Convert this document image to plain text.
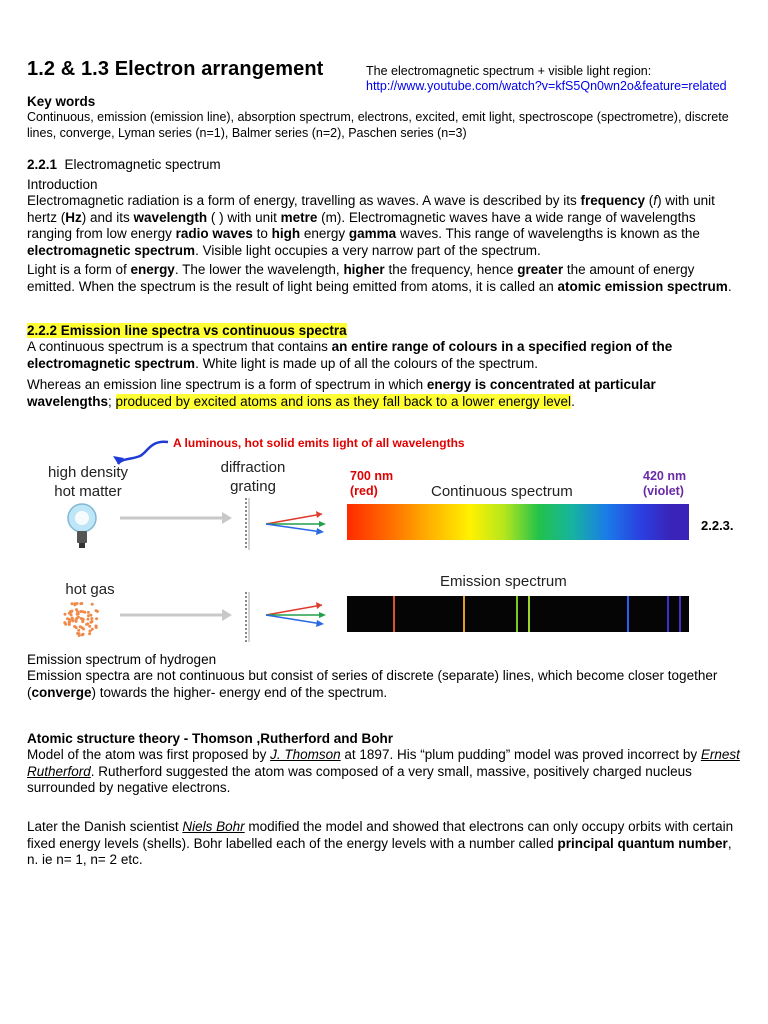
1.2 & 1.3 Electron arrangement	The electromagnetic spectrum + visible light region:
http://www.youtube.com/watch?v=kfS5Qn0wn2o&feature=related
Key words
Continuous, emission (emission line), absorption spectrum, electrons, excited, emit light, spectroscope (spectrometre), discrete lines, converge, Lyman series (n=1), Balmer series (n=2), Paschen series (n=3)
2.2.1 Electromagnetic spectrum
Introduction
Electromagnetic radiation is a form of energy, travelling as waves. A wave is described by its frequency (f) with unit hertz (Hz) and its wavelength ( ) with unit metre (m). Electromagnetic waves have a wide range of wavelengths ranging from low energy radio waves to high energy gamma waves. This range of wavelengths is known as the electromagnetic spectrum. Visible light occupies a very narrow part of the spectrum.
Light is a form of energy. The lower the wavelength, higher the frequency, hence greater the amount of energy emitted. When the spectrum is the result of light being emitted from atoms, it is called an atomic emission spectrum.
2.2.2 Emission line spectra vs continuous spectra
A continuous spectrum is a spectrum that contains an entire range of colours in a specified region of the electromagnetic spectrum. White light is made up of all the colours of the spectrum.
Whereas an emission line spectrum is a form of spectrum in which energy is concentrated at particular wavelengths; produced by excited atoms and ions as they fall back to a lower energy level.
A luminous, hot solid emits light of all wavelengths
high density
hot matter
diffraction
grating
hot gas
700 nm
(red)
420 nm
(violet)
Continuous spectrum
2.2.3.
Emission spectrum
Emission spectrum of hydrogen
Emission spectra are not continuous but consist of series of discrete (separate) lines, which become closer together (converge) towards the higher- energy end of the spectrum.
Atomic structure theory - Thomson ,Rutherford and Bohr
Model of the atom was first proposed by J. Thomson at 1897. His “plum pudding” model was proved incorrect by Ernest Rutherford. Rutherford suggested the atom was composed of a very small, massive, positively charged nucleus surrounded by negative electrons.
Later the Danish scientist Niels Bohr modified the model and showed that electrons can only occupy orbits with certain fixed energy levels (shells). Bohr labelled each of the energy levels with a number called principal quantum number, n. ie n= 1, n= 2 etc.
